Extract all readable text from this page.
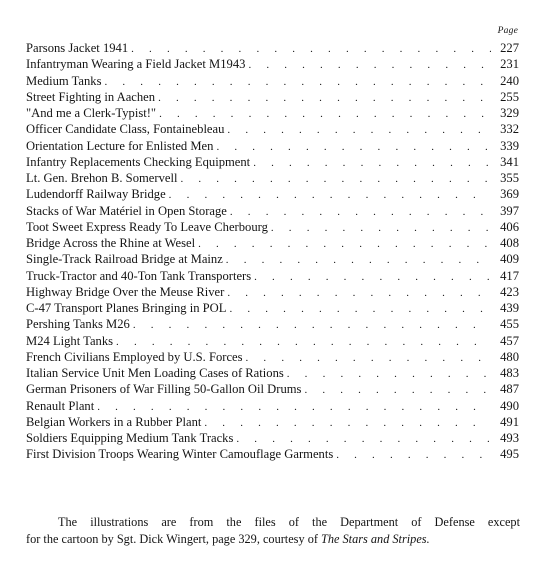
Page
Parsons Jacket 1941 . . .	227
Infantryman Wearing a Field Jacket M1943 . . .	231
Medium Tanks . . .	240
Street Fighting in Aachen . . .	255
"And me a Clerk-Typist!" . . .	329
Officer Candidate Class, Fontainebleau . . .	332
Orientation Lecture for Enlisted Men . . .	339
Infantry Replacements Checking Equipment . . .	341
Lt. Gen. Brehon B. Somervell . . .	355
Ludendorff Railway Bridge . . .	369
Stacks of War Matériel in Open Storage . . .	397
Toot Sweet Express Ready To Leave Cherbourg . . .	406
Bridge Across the Rhine at Wesel . . .	408
Single-Track Railroad Bridge at Mainz . . .	409
Truck-Tractor and 40-Ton Tank Transporters . . .	417
Highway Bridge Over the Meuse River . . .	423
C-47 Transport Planes Bringing in POL . . .	439
Pershing Tanks M26 . . .	455
M24 Light Tanks . . .	457
French Civilians Employed by U.S. Forces . . .	480
Italian Service Unit Men Loading Cases of Rations . . .	483
German Prisoners of War Filling 50-Gallon Oil Drums . . .	487
Renault Plant . . .	490
Belgian Workers in a Rubber Plant . . .	491
Soldiers Equipping Medium Tank Tracks . . .	493
First Division Troops Wearing Winter Camouflage Garments . . .	495
The illustrations are from the files of the Department of Defense except
for the cartoon by Sgt. Dick Wingert, page 329, courtesy of The Stars and Stripes.
